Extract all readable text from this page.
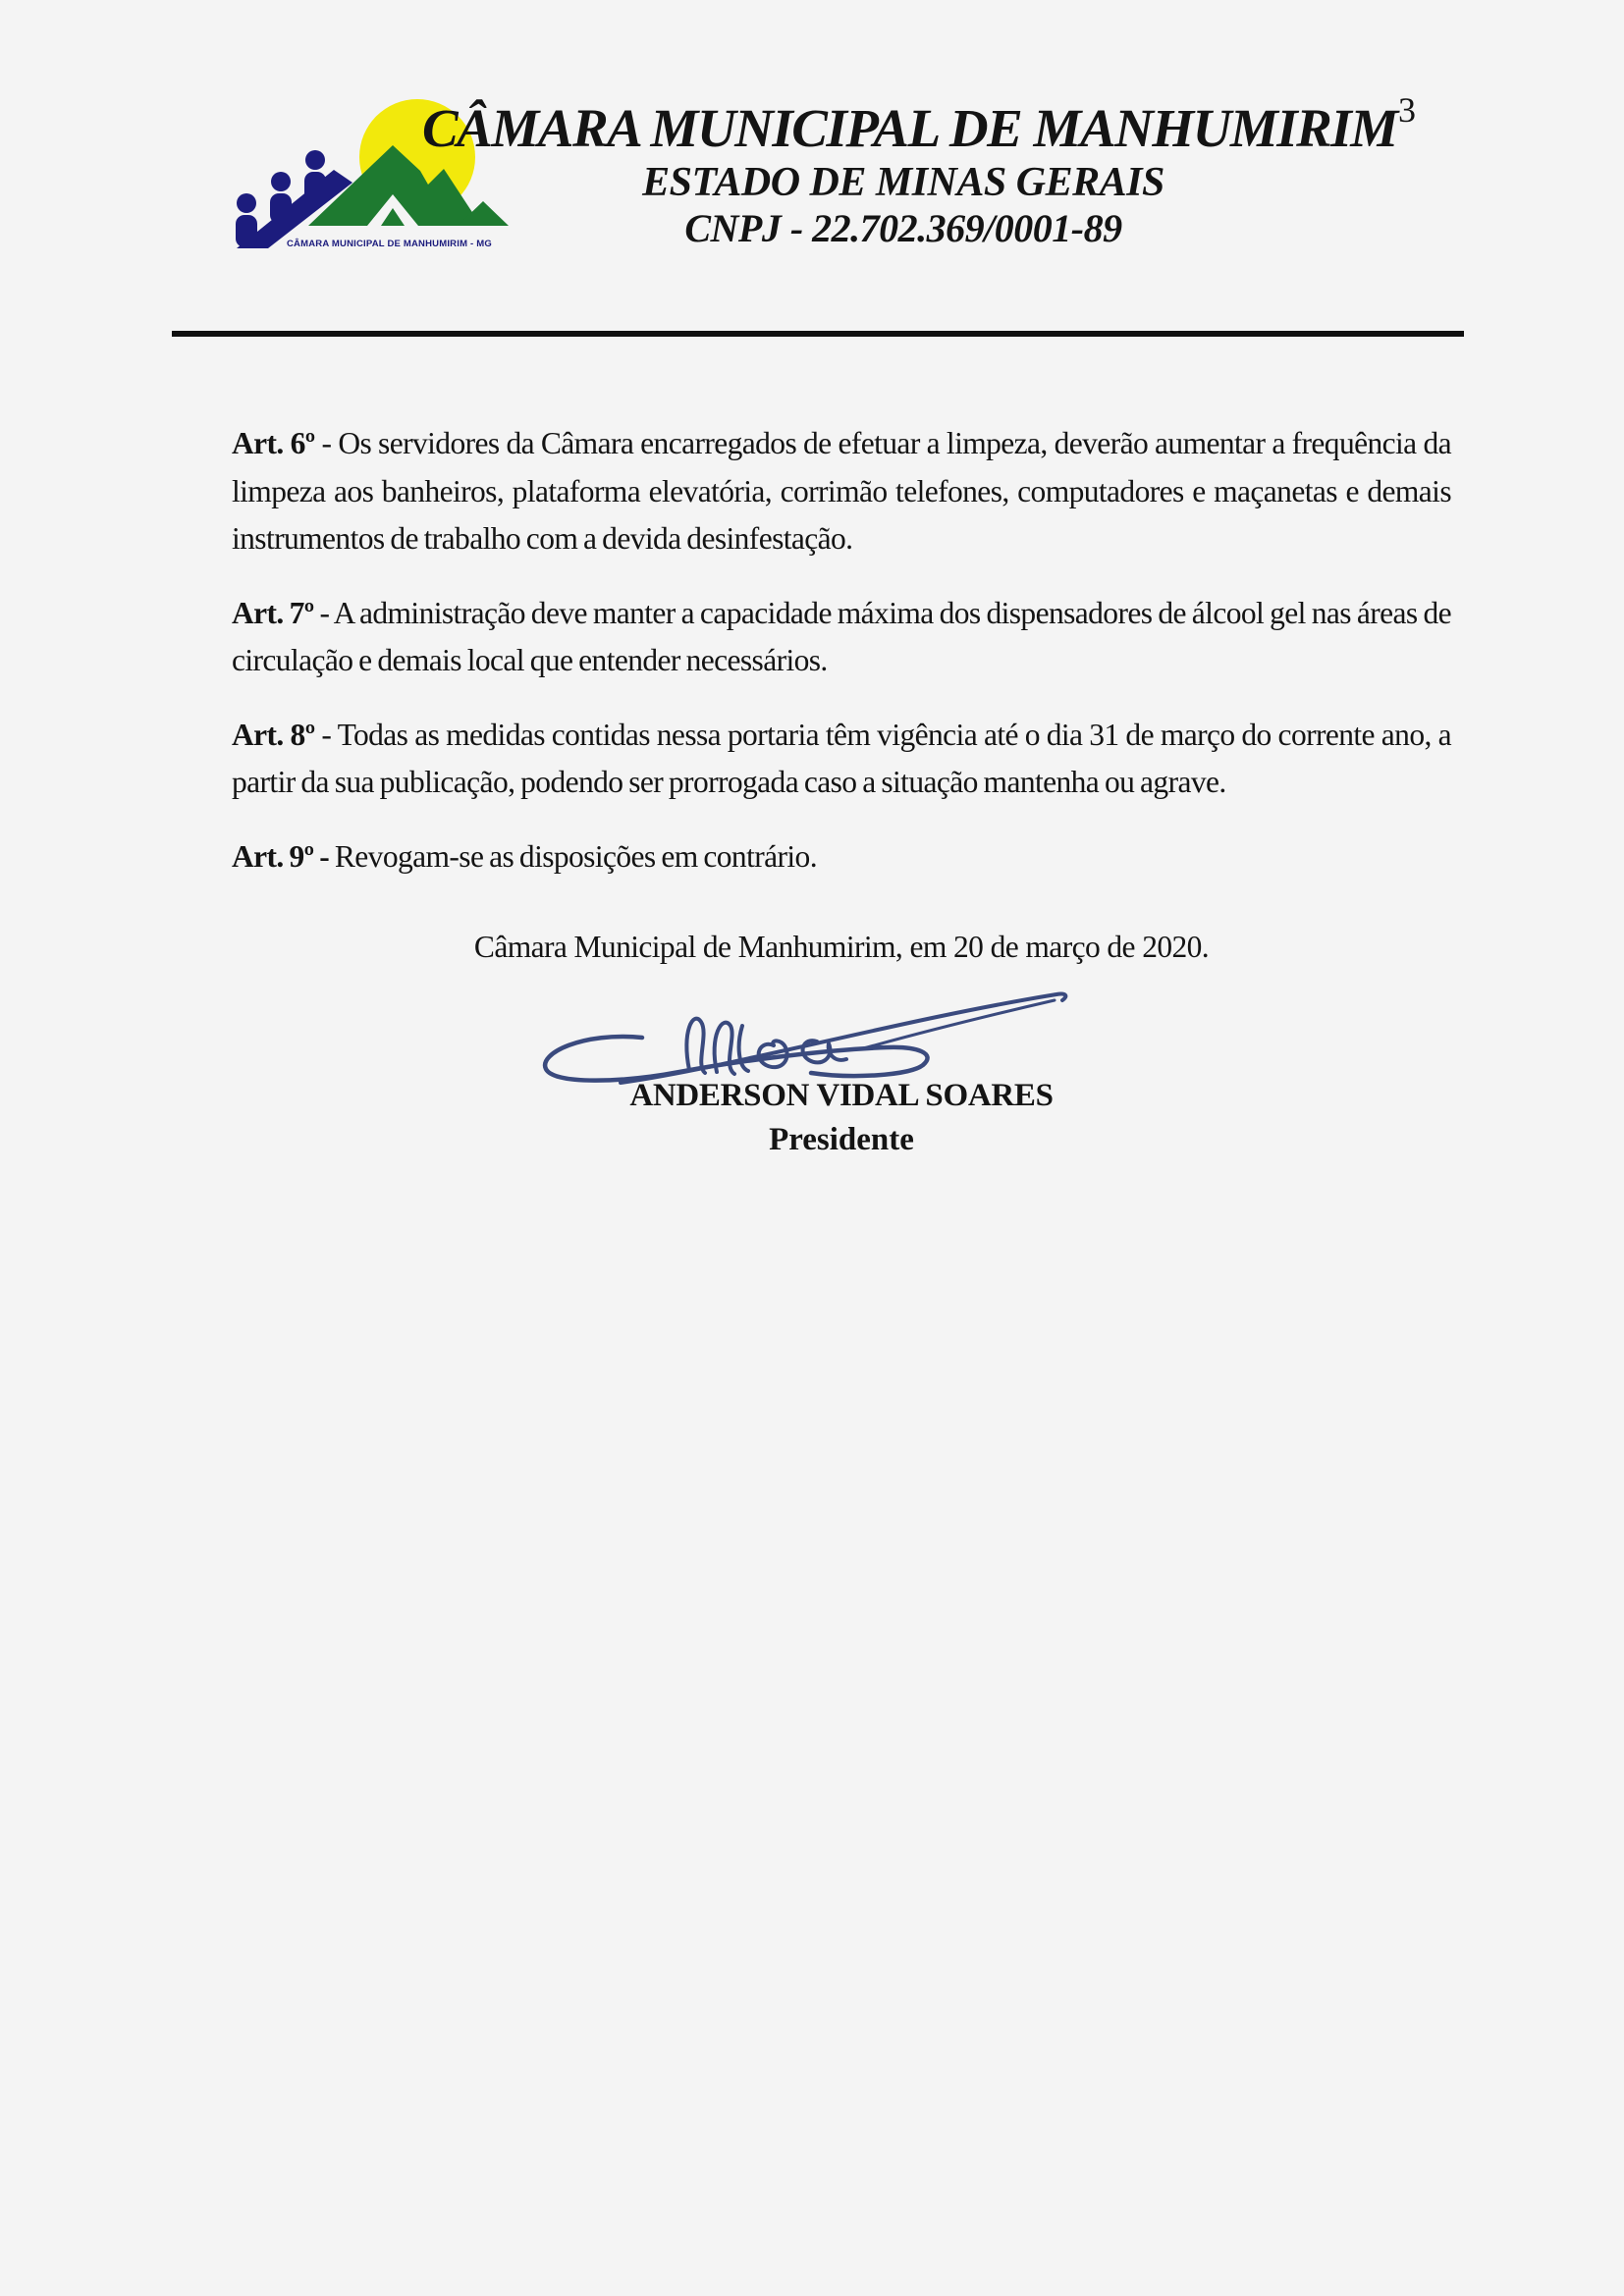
3
CÂMARA MUNICIPAL DE MANHUMIRIM - MG
CÂMARA MUNICIPAL DE MANHUMIRIM
ESTADO DE MINAS GERAIS
CNPJ - 22.702.369/0001-89

Art. 6º - Os servidores da Câmara encarregados de efetuar a limpeza, deverão aumentar a frequência da limpeza aos banheiros, plataforma elevatória, corrimão telefones, computadores e maçanetas e demais instrumentos de trabalho com a devida desinfestação.

Art. 7º - A administração deve manter a capacidade máxima dos dispensadores de álcool gel nas áreas de circulação e demais local que entender necessários.

Art. 8º - Todas as medidas contidas nessa portaria têm vigência até o dia 31 de março do corrente ano, a partir da sua publicação, podendo ser prorrogada caso a situação mantenha ou agrave.

Art. 9º - Revogam-se as disposições em contrário.

Câmara Municipal de Manhumirim, em 20 de março de 2020.

ANDERSON VIDAL SOARES

Presidente
